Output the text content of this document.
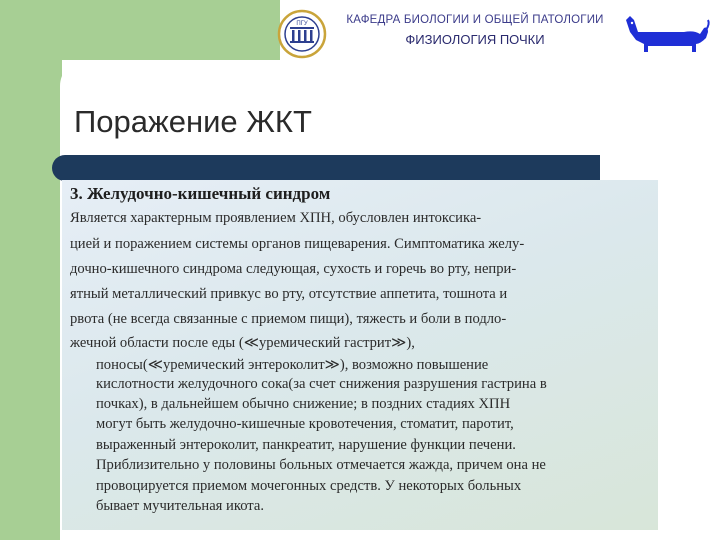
ПГУ	КАФЕДРА БИОЛОГИИ И ОБЩЕЙ ПАТОЛОГИИ
ФИЗИОЛОГИЯ ПОЧКИ
Поражение ЖКТ
3. Желудочно-кишечный синдром
Является характерным проявлением ХПН, обусловлен интоксика-
цией и поражением системы органов пищеварения. Симптоматика желу-
дочно-кишечного синдрома следующая, сухость и горечь во рту, непри-
ятный металлический привкус во рту, отсутствие аппетита, тошнота и
рвота (не всегда связанные с приемом пищи), тяжесть и боли в подло-
жечной области после еды (≪уремический гастрит≫),
поносы(≪уремический энтероколит≫), возможно повышение
кислотности желудочного сока(за счет снижения разрушения гастрина в
почках), в дальнейшем обычно снижение; в поздних стадиях ХПН
могут быть желудочно-кишечные кровотечения, стоматит, паротит,
выраженный энтероколит, панкреатит, нарушение функции печени.
Приблизительно у половины больных отмечается жажда, причем она не
провоцируется приемом мочегонных средств. У некоторых больных
бывает мучительная икота.
